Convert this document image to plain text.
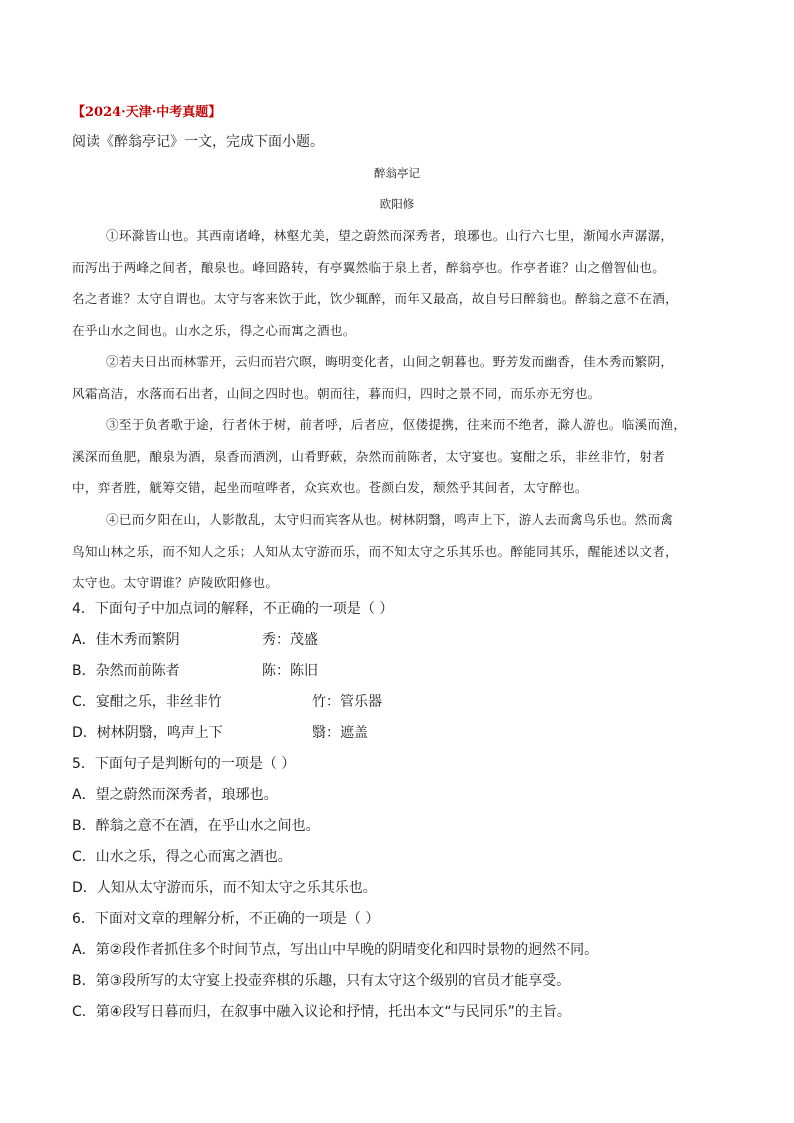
【2024·天津·中考真题】
阅读《醉翁亭记》一文，完成下面小题。
醉翁亭记
欧阳修

①环滁皆山也。其西南诸峰，林壑尤美，望之蔚然而深秀者，琅琊也。山行六七里，渐闻水声潺潺，

而泻出于两峰之间者，酿泉也。峰回路转，有亭翼然临于泉上者，醉翁亭也。作亭者谁？山之僧智仙也。

名之者谁？太守自谓也。太守与客来饮于此，饮少辄醉，而年又最高，故自号曰醉翁也。醉翁之意不在酒，

在乎山水之间也。山水之乐，得之心而寓之酒也。

②若夫日出而林霏开，云归而岩穴暝，晦明变化者，山间之朝暮也。野芳发而幽香，佳木秀而繁阴，

风霜高洁，水落而石出者，山间之四时也。朝而往，暮而归，四时之景不同，而乐亦无穷也。

③至于负者歌于途，行者休于树，前者呼，后者应，伛偻提携，往来而不绝者，滁人游也。临溪而渔，

溪深而鱼肥，酿泉为酒，泉香而酒洌，山肴野蔌，杂然而前陈者，太守宴也。宴酣之乐，非丝非竹，射者

中，弈者胜，觥筹交错，起坐而喧哗者，众宾欢也。苍颜白发，颓然乎其间者，太守醉也。

④已而夕阳在山，人影散乱，太守归而宾客从也。树林阴翳，鸣声上下，游人去而禽鸟乐也。然而禽

鸟知山林之乐，而不知人之乐；人知从太守游而乐，而不知太守之乐其乐也。醉能同其乐，醒能述以文者，

太守也。太守谓谁？庐陵欧阳修也。

4．下面句子中加点词的解释，不正确的一项是（ ）
A．佳木秀而繁阴	秀：茂盛
B．杂然而前陈者	陈：陈旧
C．宴酣之乐，非丝非竹	竹：管乐器
D．树林阴翳，鸣声上下	翳：遮盖
5．下面句子是判断句的一项是（ ）
A．望之蔚然而深秀者，琅琊也。
B．醉翁之意不在酒，在乎山水之间也。
C．山水之乐，得之心而寓之酒也。
D．人知从太守游而乐，而不知太守之乐其乐也。
6．下面对文章的理解分析，不正确的一项是（ ）
A．第②段作者抓住多个时间节点，写出山中早晚的阴晴变化和四时景物的迥然不同。
B．第③段所写的太守宴上投壶弈棋的乐趣，只有太守这个级别的官员才能享受。
C．第④段写日暮而归，在叙事中融入议论和抒情，托出本文“与民同乐”的主旨。
